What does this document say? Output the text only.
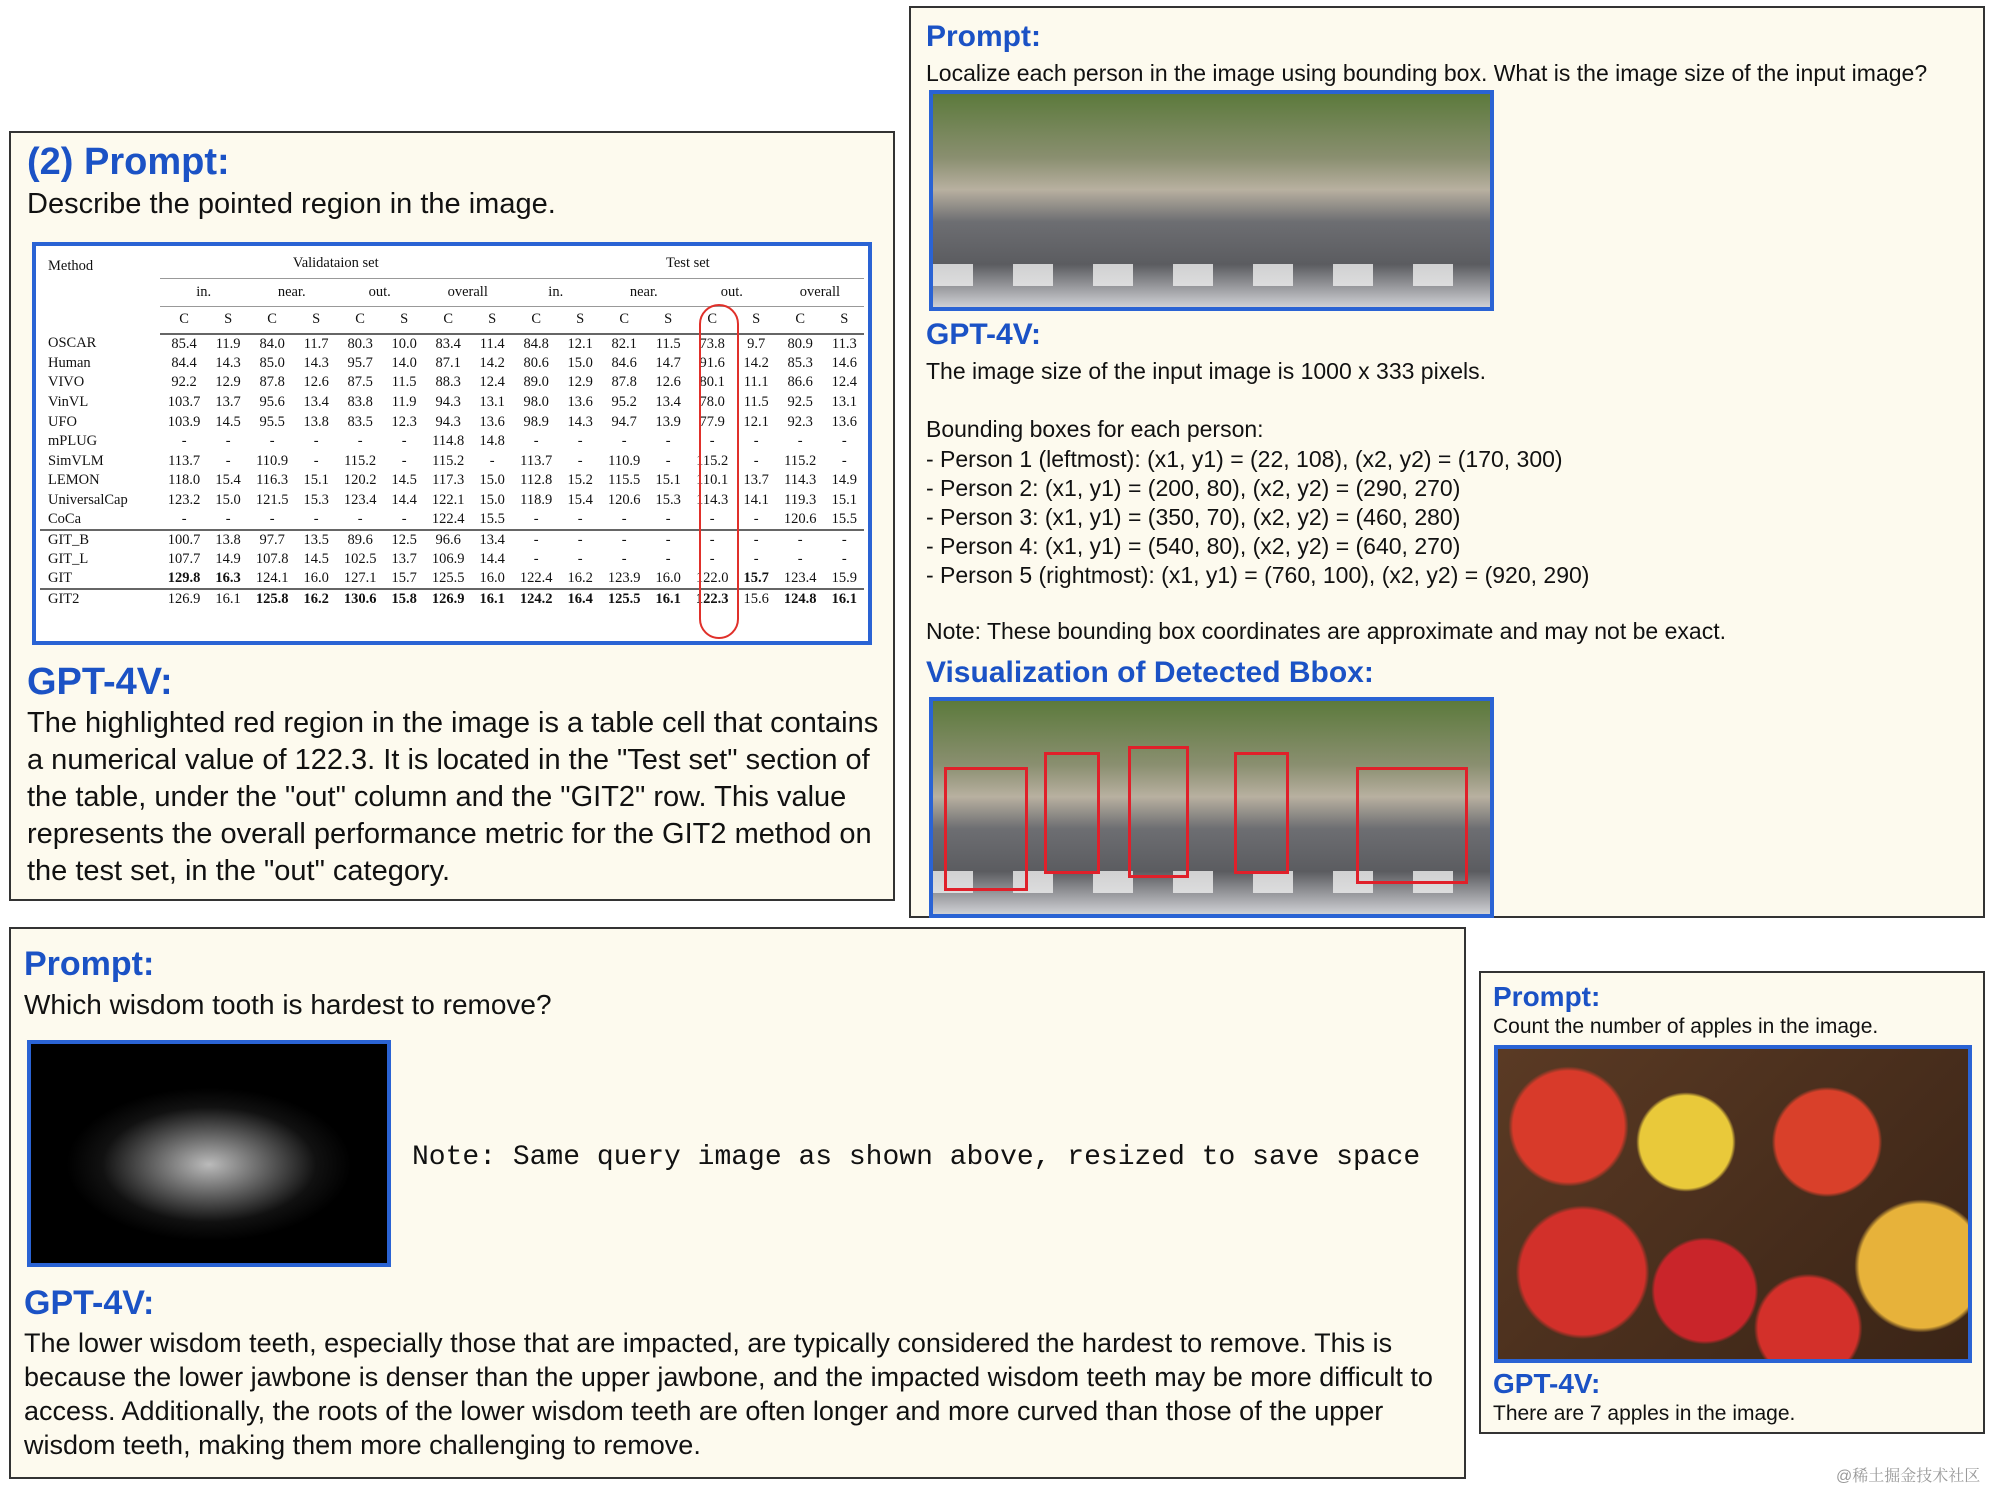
(2) Prompt:
Describe the pointed region in the image.
Method	Validataion set								Test set							
	in.		near.		out.		overall		in.		near.		out.		overall	
	C	S	C	S	C	S	C	S	C	S	C	S	C	S	C	S
OSCAR	85.4	11.9	84.0	11.7	80.3	10.0	83.4	11.4	84.8	12.1	82.1	11.5	73.8	9.7	80.9	11.3
Human	84.4	14.3	85.0	14.3	95.7	14.0	87.1	14.2	80.6	15.0	84.6	14.7	91.6	14.2	85.3	14.6
VIVO	92.2	12.9	87.8	12.6	87.5	11.5	88.3	12.4	89.0	12.9	87.8	12.6	80.1	11.1	86.6	12.4
VinVL	103.7	13.7	95.6	13.4	83.8	11.9	94.3	13.1	98.0	13.6	95.2	13.4	78.0	11.5	92.5	13.1
UFO	103.9	14.5	95.5	13.8	83.5	12.3	94.3	13.6	98.9	14.3	94.7	13.9	77.9	12.1	92.3	13.6
mPLUG	-	-	-	-	-	-	114.8	14.8	-	-	-	-	-	-	-	-
SimVLM	113.7	-	110.9	-	115.2	-	115.2	-	113.7	-	110.9	-	115.2	-	115.2	-
LEMON	118.0	15.4	116.3	15.1	120.2	14.5	117.3	15.0	112.8	15.2	115.5	15.1	110.1	13.7	114.3	14.9
UniversalCap	123.2	15.0	121.5	15.3	123.4	14.4	122.1	15.0	118.9	15.4	120.6	15.3	114.3	14.1	119.3	15.1
CoCa	-	-	-	-	-	-	122.4	15.5	-	-	-	-	-	-	120.6	15.5
GIT_B	100.7	13.8	97.7	13.5	89.6	12.5	96.6	13.4	-	-	-	-	-	-	-	-
GIT_L	107.7	14.9	107.8	14.5	102.5	13.7	106.9	14.4	-	-	-	-	-	-	-	-
GIT	129.8	16.3	124.1	16.0	127.1	15.7	125.5	16.0	122.4	16.2	123.9	16.0	122.0	15.7	123.4	15.9
GIT2	126.9	16.1	125.8	16.2	130.6	15.8	126.9	16.1	124.2	16.4	125.5	16.1	122.3	15.6	124.8	16.1
GPT-4V:
The highlighted red region in the image is a table cell that contains a numerical value of 122.3. It is located in the "Test set" section of the table, under the "out" column and the "GIT2" row. This value represents the overall performance metric for the GIT2 method on the test set, in the "out" category.
Prompt:
Localize each person in the image using bounding box. What is the image size of the input image?
GPT-4V:
The image size of the input image is 1000 x 333 pixels.
Bounding boxes for each person:
- Person 1 (leftmost): (x1, y1) = (22, 108), (x2, y2) = (170, 300)
- Person 2: (x1, y1) = (200, 80), (x2, y2) = (290, 270)
- Person 3: (x1, y1) = (350, 70), (x2, y2) = (460, 280)
- Person 4: (x1, y1) = (540, 80), (x2, y2) = (640, 270)
- Person 5 (rightmost): (x1, y1) = (760, 100), (x2, y2) = (920, 290)
Note: These bounding box coordinates are approximate and may not be exact.
Visualization of Detected Bbox:
Prompt:
Which wisdom tooth is hardest to remove?
Note: Same query image as shown above, resized to save space
GPT-4V:
The lower wisdom teeth, especially those that are impacted, are typically considered the hardest to remove. This is because the lower jawbone is denser than the upper jawbone, and the impacted wisdom teeth may be more difficult to access. Additionally, the roots of the lower wisdom teeth are often longer and more curved than those of the upper wisdom teeth, making them more challenging to remove.
Prompt:
Count the number of apples in the image.
GPT-4V:
There are 7 apples in the image.
@稀土掘金技术社区
